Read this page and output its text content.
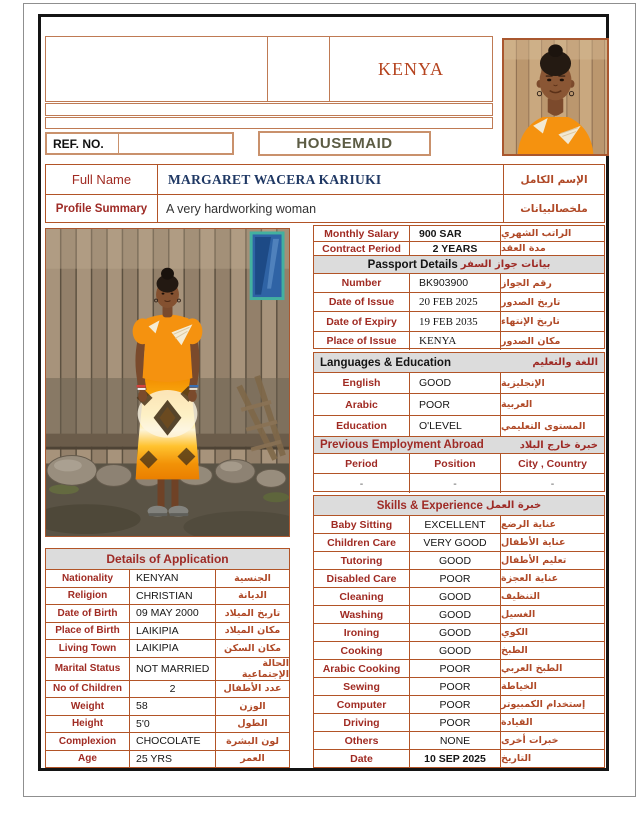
KENYA
REF. NO.	HOUSEMAID
Full Name	MARGARET WACERA KARIUKI	الإسم الكامل
Profile Summary	A very hardworking woman	ملخصالبيانات
Details of Application
Nationality	KENYAN	الجنسية
Religion	CHRISTIAN	الديانة
Date of Birth	09 MAY 2000	تاريخ الميلاد
Place of Birth	LAIKIPIA	مكان الميلاد
Living Town	LAIKIPIA	مكان السكن
Marital Status	NOT MARRIED	الحالة الإجتماعية
No of Children	2	عدد الأطفال
Weight	58	الوزن
Height	5'0	الطول
Complexion	CHOCOLATE	لون البشرة
Age	25 YRS	العمر
Monthly Salary	900 SAR	الراتب الشهري
Contract Period	2 YEARS	مدة العقد
Passport Details بيانات جواز السفر
Number	BK903900	رقم الجواز
Date of Issue	20 FEB 2025	تاريخ الصدور
Date of Expiry	19 FEB 2035	تاريخ الإنتهاء
Place of Issue	KENYA	مكان الصدور
Languages & Education	اللغة والتعليم
English	GOOD	الإنجليزية
Arabic	POOR	العربية
Education	O'LEVEL	المستوى التعليمي
Previous Employment Abroad	خبرة خارج البلاد
Period	Position	City , Country
-	-	-
Skills & Experience خبرة العمل
Baby Sitting	EXCELLENT	عناية الرضع
Children Care	VERY GOOD	عناية الأطفال
Tutoring	GOOD	تعليم الأطفال
Disabled Care	POOR	عناية العجزة
Cleaning	GOOD	التنظيف
Washing	GOOD	الغسيل
Ironing	GOOD	الكوي
Cooking	GOOD	الطبخ
Arabic Cooking	POOR	الطبخ العربي
Sewing	POOR	الخياطة
Computer	POOR	إستخدام الكمبيوتر
Driving	POOR	القيادة
Others	NONE	خبرات أخرى
Date	10 SEP 2025	التاريخ
